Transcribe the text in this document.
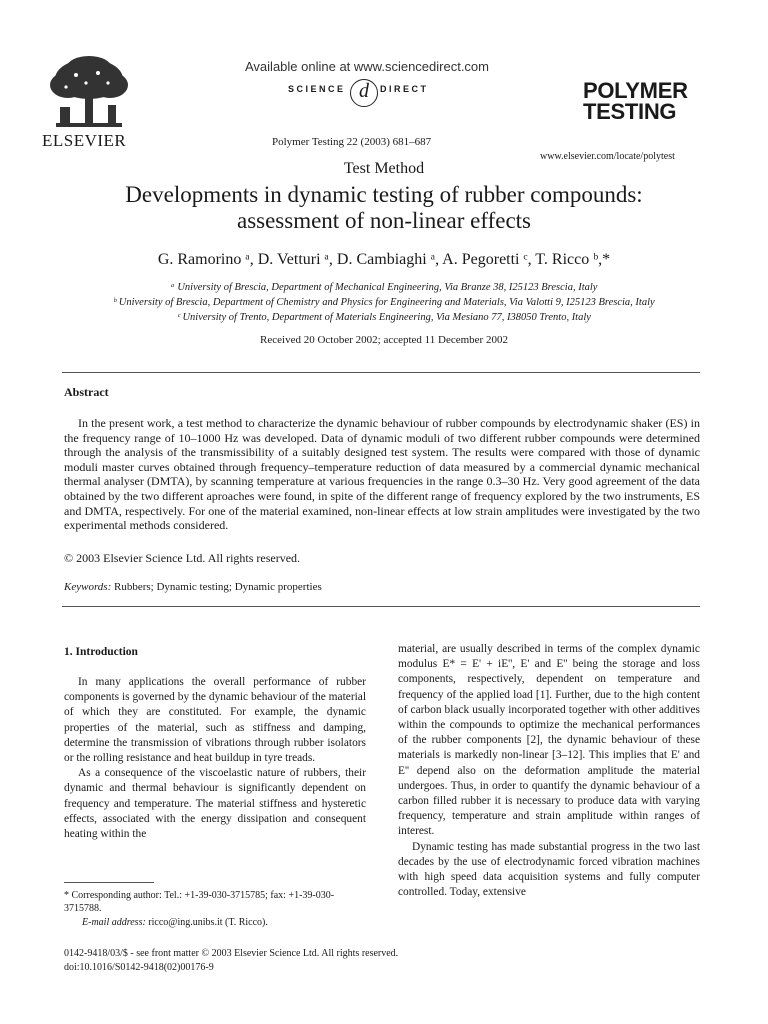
ELSEVIER
Available online at www.sciencedirect.com
SCIENCE d	DIRECT
Polymer Testing 22 (2003) 681–687
POLYMER
TESTING
www.elsevier.com/locate/polytest
Test Method
Developments in dynamic testing of rubber compounds:
assessment of non-linear effects
G. Ramorino ᵃ, D. Vetturi ᵃ, D. Cambiaghi ᵃ, A. Pegoretti ᶜ, T. Ricco ᵇ,*
ᵃ University of Brescia, Department of Mechanical Engineering, Via Branze 38, I25123 Brescia, Italy
ᵇ University of Brescia, Department of Chemistry and Physics for Engineering and Materials, Via Valotti 9, I25123 Brescia, Italy
ᶜ University of Trento, Department of Materials Engineering, Via Mesiano 77, I38050 Trento, Italy
Received 20 October 2002; accepted 11 December 2002
Abstract

In the present work, a test method to characterize the dynamic behaviour of rubber compounds by electrodynamic shaker (ES) in the frequency range of 10–1000 Hz was developed. Data of dynamic moduli of two different rubber compounds were determined through the analysis of the transmissibility of a suitably designed test system. The results were compared with those of dynamic moduli master curves obtained through frequency–temperature reduction of data measured by a commercial dynamic mechanical thermal analyser (DMTA), by scanning temperature at various frequencies in the range 0.3–30 Hz. Very good agreement of the data obtained by the two different aproaches were found, in spite of the different range of frequency explored by the two instruments, ES and DMTA, respectively. For one of the material examined, non-linear effects at low strain amplitudes were investigated by the two experimental methods considered.

© 2003 Elsevier Science Ltd. All rights reserved.
Keywords: Rubbers; Dynamic testing; Dynamic properties
1. Introduction

In many applications the overall performance of rubber components is governed by the dynamic behaviour of the material of which they are constituted. For example, the dynamic properties of the material, such as stiffness and damping, determine the transmission of vibrations through rubber isolators or the rolling resistance and heat buildup in tyre treads.

As a consequence of the viscoelastic nature of rubbers, their dynamic and thermal behaviour is significantly dependent on frequency and temperature. The material stiffness and hysteretic effects, associated with the energy dissipation and consequent heating within the

material, are usually described in terms of the complex dynamic modulus E* = E' + iE'', E' and E'' being the storage and loss components, respectively, dependent on temperature and frequency of the applied load [1]. Further, due to the high content of carbon black usually incorporated together with other additives within the compounds to optimize the mechanical performances of the rubber components [2], the dynamic behaviour of these materials is markedly non-linear [3–12]. This implies that E' and E'' depend also on the deformation amplitude the material undergoes. Thus, in order to quantify the dynamic behaviour of a carbon filled rubber it is necessary to produce data with varying frequency, temperature and strain amplitude within ranges of interest.

Dynamic testing has made substantial progress in the two last decades by the use of electrodynamic forced vibration machines with high speed data acquisition systems and fully computer controlled. Today, extensive

* Corresponding author: Tel.: +1-39-030-3715785; fax: +1-39-030-3715788.
E-mail address: ricco@ing.unibs.it (T. Ricco).
0142-9418/03/$ - see front matter © 2003 Elsevier Science Ltd. All rights reserved.
doi:10.1016/S0142-9418(02)00176-9
